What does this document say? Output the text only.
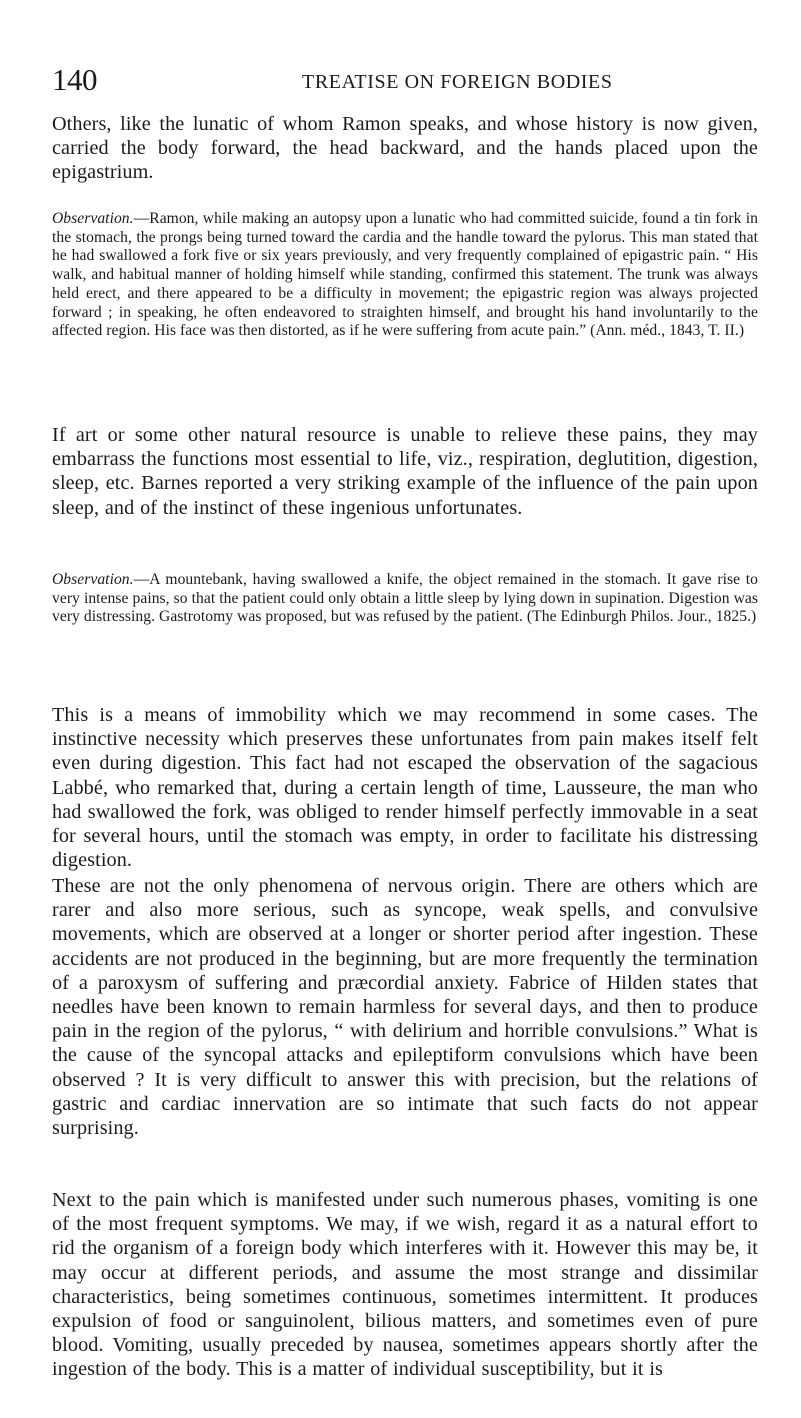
140	TREATISE ON FOREIGN BODIES

Others, like the lunatic of whom Ramon speaks, and whose history is now given, carried the body forward, the head backward, and the hands placed upon the epigastrium.

Observation.—Ramon, while making an autopsy upon a lunatic who had committed suicide, found a tin fork in the stomach, the prongs being turned toward the cardia and the handle toward the pylorus. This man stated that he had swallowed a fork five or six years previously, and very frequently complained of epigastric pain. “ His walk, and habitual manner of holding himself while standing, confirmed this statement. The trunk was always held erect, and there appeared to be a difficulty in movement; the epigastric region was always projected forward ; in speaking, he often endeavored to straighten himself, and brought his hand involuntarily to the affected region. His face was then distorted, as if he were suffering from acute pain.” (Ann. méd., 1843, T. II.)

If art or some other natural resource is unable to relieve these pains, they may embarrass the functions most essential to life, viz., respiration, deglutition, digestion, sleep, etc. Barnes reported a very striking example of the influence of the pain upon sleep, and of the instinct of these ingenious unfortunates.

Observation.—A mountebank, having swallowed a knife, the object remained in the stomach. It gave rise to very intense pains, so that the patient could only obtain a little sleep by lying down in supination. Digestion was very distressing. Gastrotomy was proposed, but was refused by the patient. (The Edinburgh Philos. Jour., 1825.)

This is a means of immobility which we may recommend in some cases. The instinctive necessity which preserves these unfortunates from pain makes itself felt even during digestion. This fact had not escaped the observation of the sagacious Labbé, who remarked that, during a certain length of time, Lausseure, the man who had swallowed the fork, was obliged to render himself perfectly immovable in a seat for several hours, until the stomach was empty, in order to facilitate his distressing digestion.

These are not the only phenomena of nervous origin. There are others which are rarer and also more serious, such as syncope, weak spells, and convulsive movements, which are observed at a longer or shorter period after ingestion. These accidents are not produced in the beginning, but are more frequently the termination of a paroxysm of suffering and præcordial anxiety. Fabrice of Hilden states that needles have been known to remain harmless for several days, and then to produce pain in the region of the pylorus, “ with delirium and horrible convulsions.” What is the cause of the syncopal attacks and epileptiform convulsions which have been observed ? It is very difficult to answer this with precision, but the relations of gastric and cardiac innervation are so intimate that such facts do not appear surprising.

Next to the pain which is manifested under such numerous phases, vomiting is one of the most frequent symptoms. We may, if we wish, regard it as a natural effort to rid the organism of a foreign body which interferes with it. However this may be, it may occur at different periods, and assume the most strange and dissimilar characteristics, being sometimes continuous, sometimes intermittent. It produces expulsion of food or sanguinolent, bilious matters, and sometimes even of pure blood. Vomiting, usually preceded by nausea, sometimes appears shortly after the ingestion of the body. This is a matter of individual susceptibility, but it is
